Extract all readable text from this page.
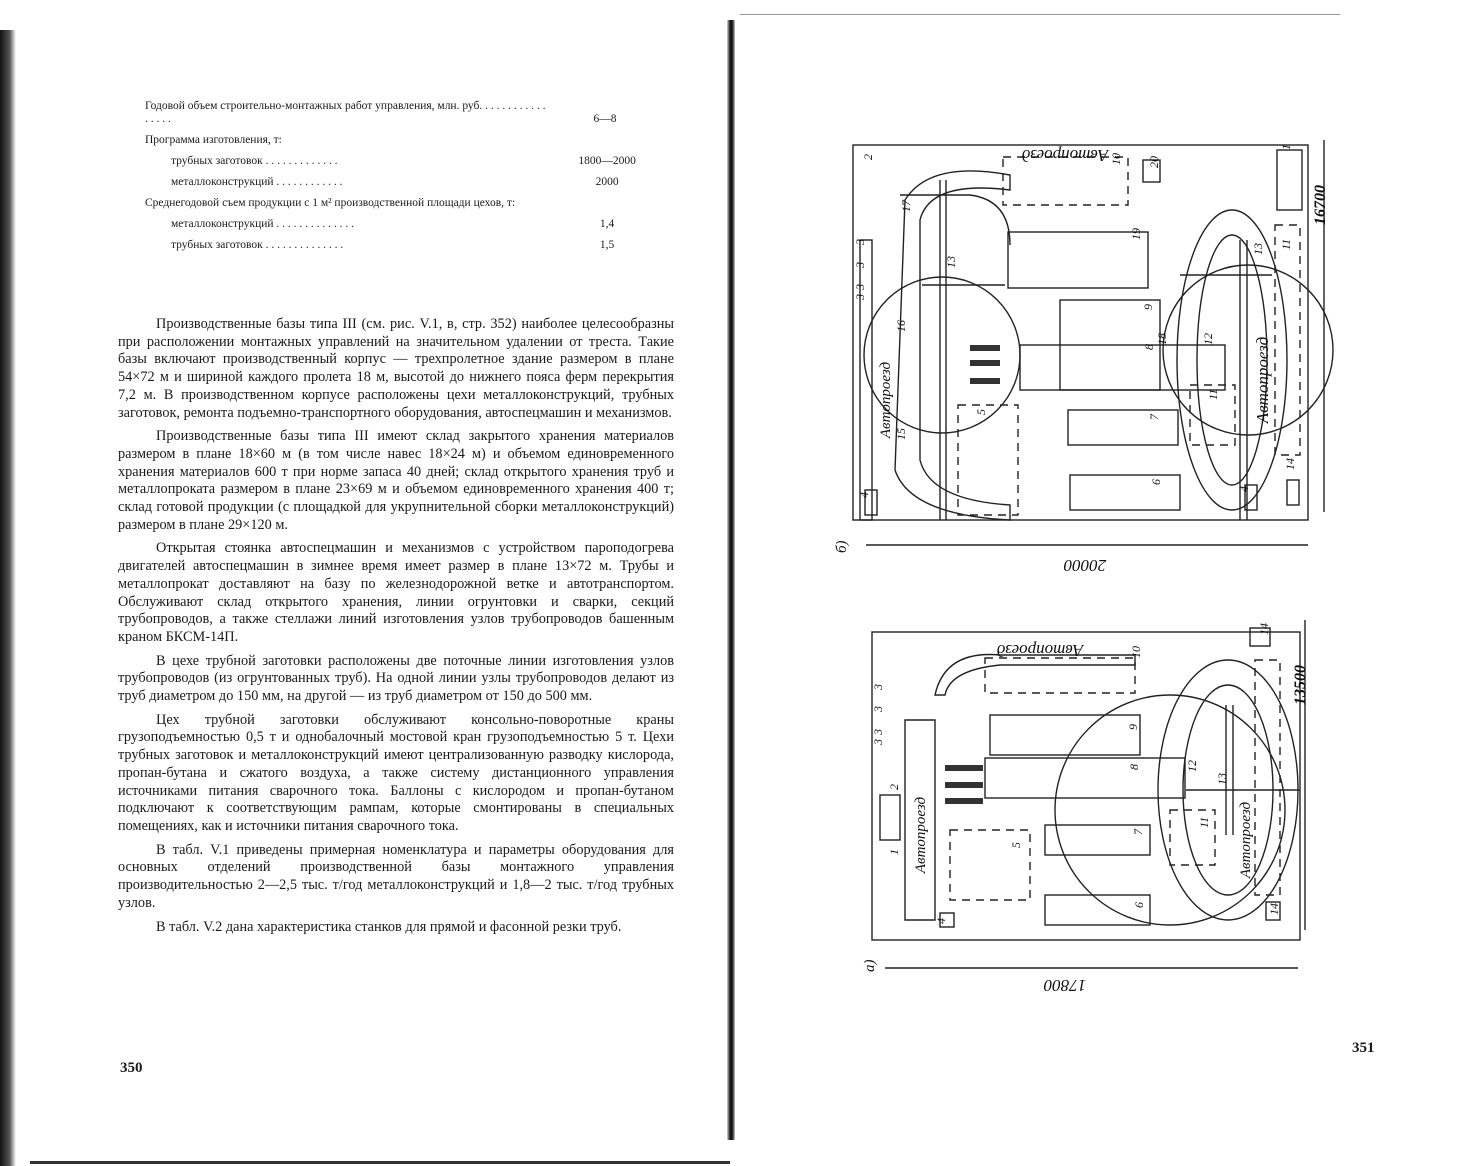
Годовой объем строительно-монтажных работ управления, млн. руб. . . . . . . . . . . . . . . . .	6—8
Программа изготовления, т:
трубных заготовок . . . . . . . . . . . . .	1800—2000
металлоконструкций . . . . . . . . . . . .	2000
Среднегодовой съем продукции с 1 м² производственной площади цехов, т:
металлоконструкций . . . . . . . . . . . . . .	1,4
трубных заготовок . . . . . . . . . . . . . .	1,5

Производственные базы типа III (см. рис. V.1, в, стр. 352) наиболее целесообразны при расположении монтажных управлений на значительном удалении от треста. Такие базы включают производственный корпус — трехпролетное здание размером в плане 54×72 м и шириной каждого пролета 18 м, высотой до нижнего пояса ферм перекрытия 7,2 м. В производственном корпусе расположены цехи металлоконструкций, трубных заготовок, ремонта подъемно-транспортного оборудования, автоспецмашин и механизмов.

Производственные базы типа III имеют склад закрытого хранения материалов размером в плане 18×60 м (в том числе навес 18×24 м) и объемом единовременного хранения материалов 600 т при норме запаса 40 дней; склад открытого хранения труб и металлопроката размером в плане 23×69 м и объемом единовременного хранения 400 т; склад готовой продукции (с площадкой для укрупнительной сборки металлоконструкций) размером в плане 29×120 м.

Открытая стоянка автоспецмашин и механизмов с устройством пароподогрева двигателей автоспецмашин в зимнее время имеет размер в плане 13×72 м. Трубы и металлопрокат доставляют на базу по железнодорожной ветке и автотранспортом. Обслуживают склад открытого хранения, линии огрунтовки и сварки, секций трубопроводов, а также стеллажи линий изготовления узлов трубопроводов башенным краном БКСМ-14П.

В цехе трубной заготовки расположены две поточные линии изготовления узлов трубопроводов (из огрунтованных труб). На одной линии узлы трубопроводов делают из труб диаметром до 150 мм, на другой — из труб диаметром от 150 до 500 мм.

Цех трубной заготовки обслуживают консольно-поворотные краны грузоподъемностью 0,5 т и однобалочный мостовой кран грузоподъемностью 5 т. Цехи трубных заготовок и металлоконструкций имеют централизованную разводку кислорода, пропан-бутана и сжатого воздуха, а также систему дистанционного управления источниками питания сварочного тока. Баллоны с кислородом и пропан-бутаном подключают к соответствующим рампам, которые смонтированы в специальных помещениях, как и источники питания сварочного тока.

В табл. V.1 приведены примерная номенклатура и параметры оборудования для основных отделений производственной базы монтажного управления производительностью 2—2,5 тыс. т/год металлоконструкций и 1,8—2 тыс. т/год трубных узлов.

В табл. V.2 дана характеристика станков для прямой и фасонной резки труб.

350
351
Автопроезд
Автопроезд	Автопроезд
20000
16700
б)
Автопроезд
Автопроезд	Автопроезд
17800
13500
а)
1
2
3
3
3
3
4
4
5
6
7
8
9
10
11
11
12
13
13
14
15
16
17
18
19
20
1
2
3
3
3
3
4
5
6
7
8
9
10
11
12
13
14
14
